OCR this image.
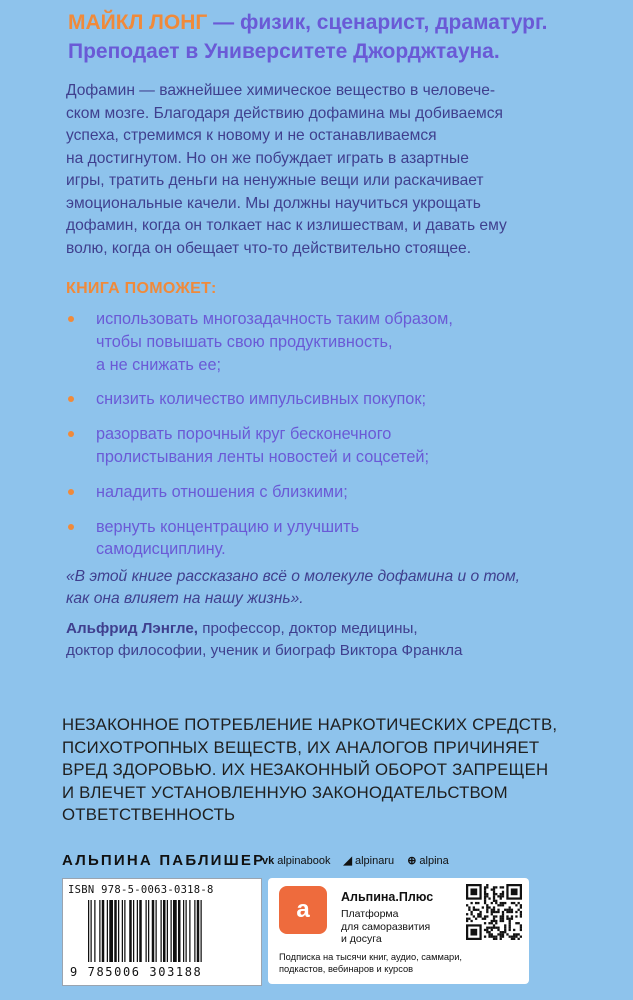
МАЙКЛ ЛОНГ — физик, сценарист, драматург.
Преподает в Университете Джорджтауна.
Дофамин — важнейшее химическое вещество в человече-
ском мозге. Благодаря действию дофамина мы добиваемся
успеха, стремимся к новому и не останавливаемся
на достигнутом. Но он же побуждает играть в азартные
игры, тратить деньги на ненужные вещи или раскачивает
эмоциональные качели. Мы должны научиться укрощать
дофамин, когда он толкает нас к излишествам, и давать ему
волю, когда он обещает что-то действительно стоящее.
КНИГА ПОМОЖЕТ:
использовать многозадачность таким образом,
чтобы повышать свою продуктивность,
а не снижать ее;
снизить количество импульсивных покупок;
разорвать порочный круг бесконечного
пролистывания ленты новостей и соцсетей;
наладить отношения с близкими;
вернуть концентрацию и улучшить
самодисциплину.
«В этой книге рассказано всё о молекуле дофамина и о том,
как она влияет на нашу жизнь».
Альфрид Лэнгле, профессор, доктор медицины,
доктор философии, ученик и биограф Виктора Франкла
НЕЗАКОННОЕ ПОТРЕБЛЕНИЕ НАРКОТИЧЕСКИХ СРЕДСТВ,
ПСИХОТРОПНЫХ ВЕЩЕСТВ, ИХ АНАЛОГОВ ПРИЧИНЯЕТ
ВРЕД ЗДОРОВЬЮ. ИХ НЕЗАКОННЫЙ ОБОРОТ ЗАПРЕЩЕН
И ВЛЕЧЕТ УСТАНОВЛЕННУЮ ЗАКОНОДАТЕЛЬСТВОМ
ОТВЕТСТВЕННОСТЬ
АЛЬПИНА ПАБЛИШЕР
vk alpinabook ◢ alpinaru ⊕ alpina
ISBN 978-5-0063-0318-8
9 785006 303188
a	Альпина.Плюс
Платформа
для саморазвития
и досуга
Подписка на тысячи книг, аудио, саммари,
подкастов, вебинаров и курсов
